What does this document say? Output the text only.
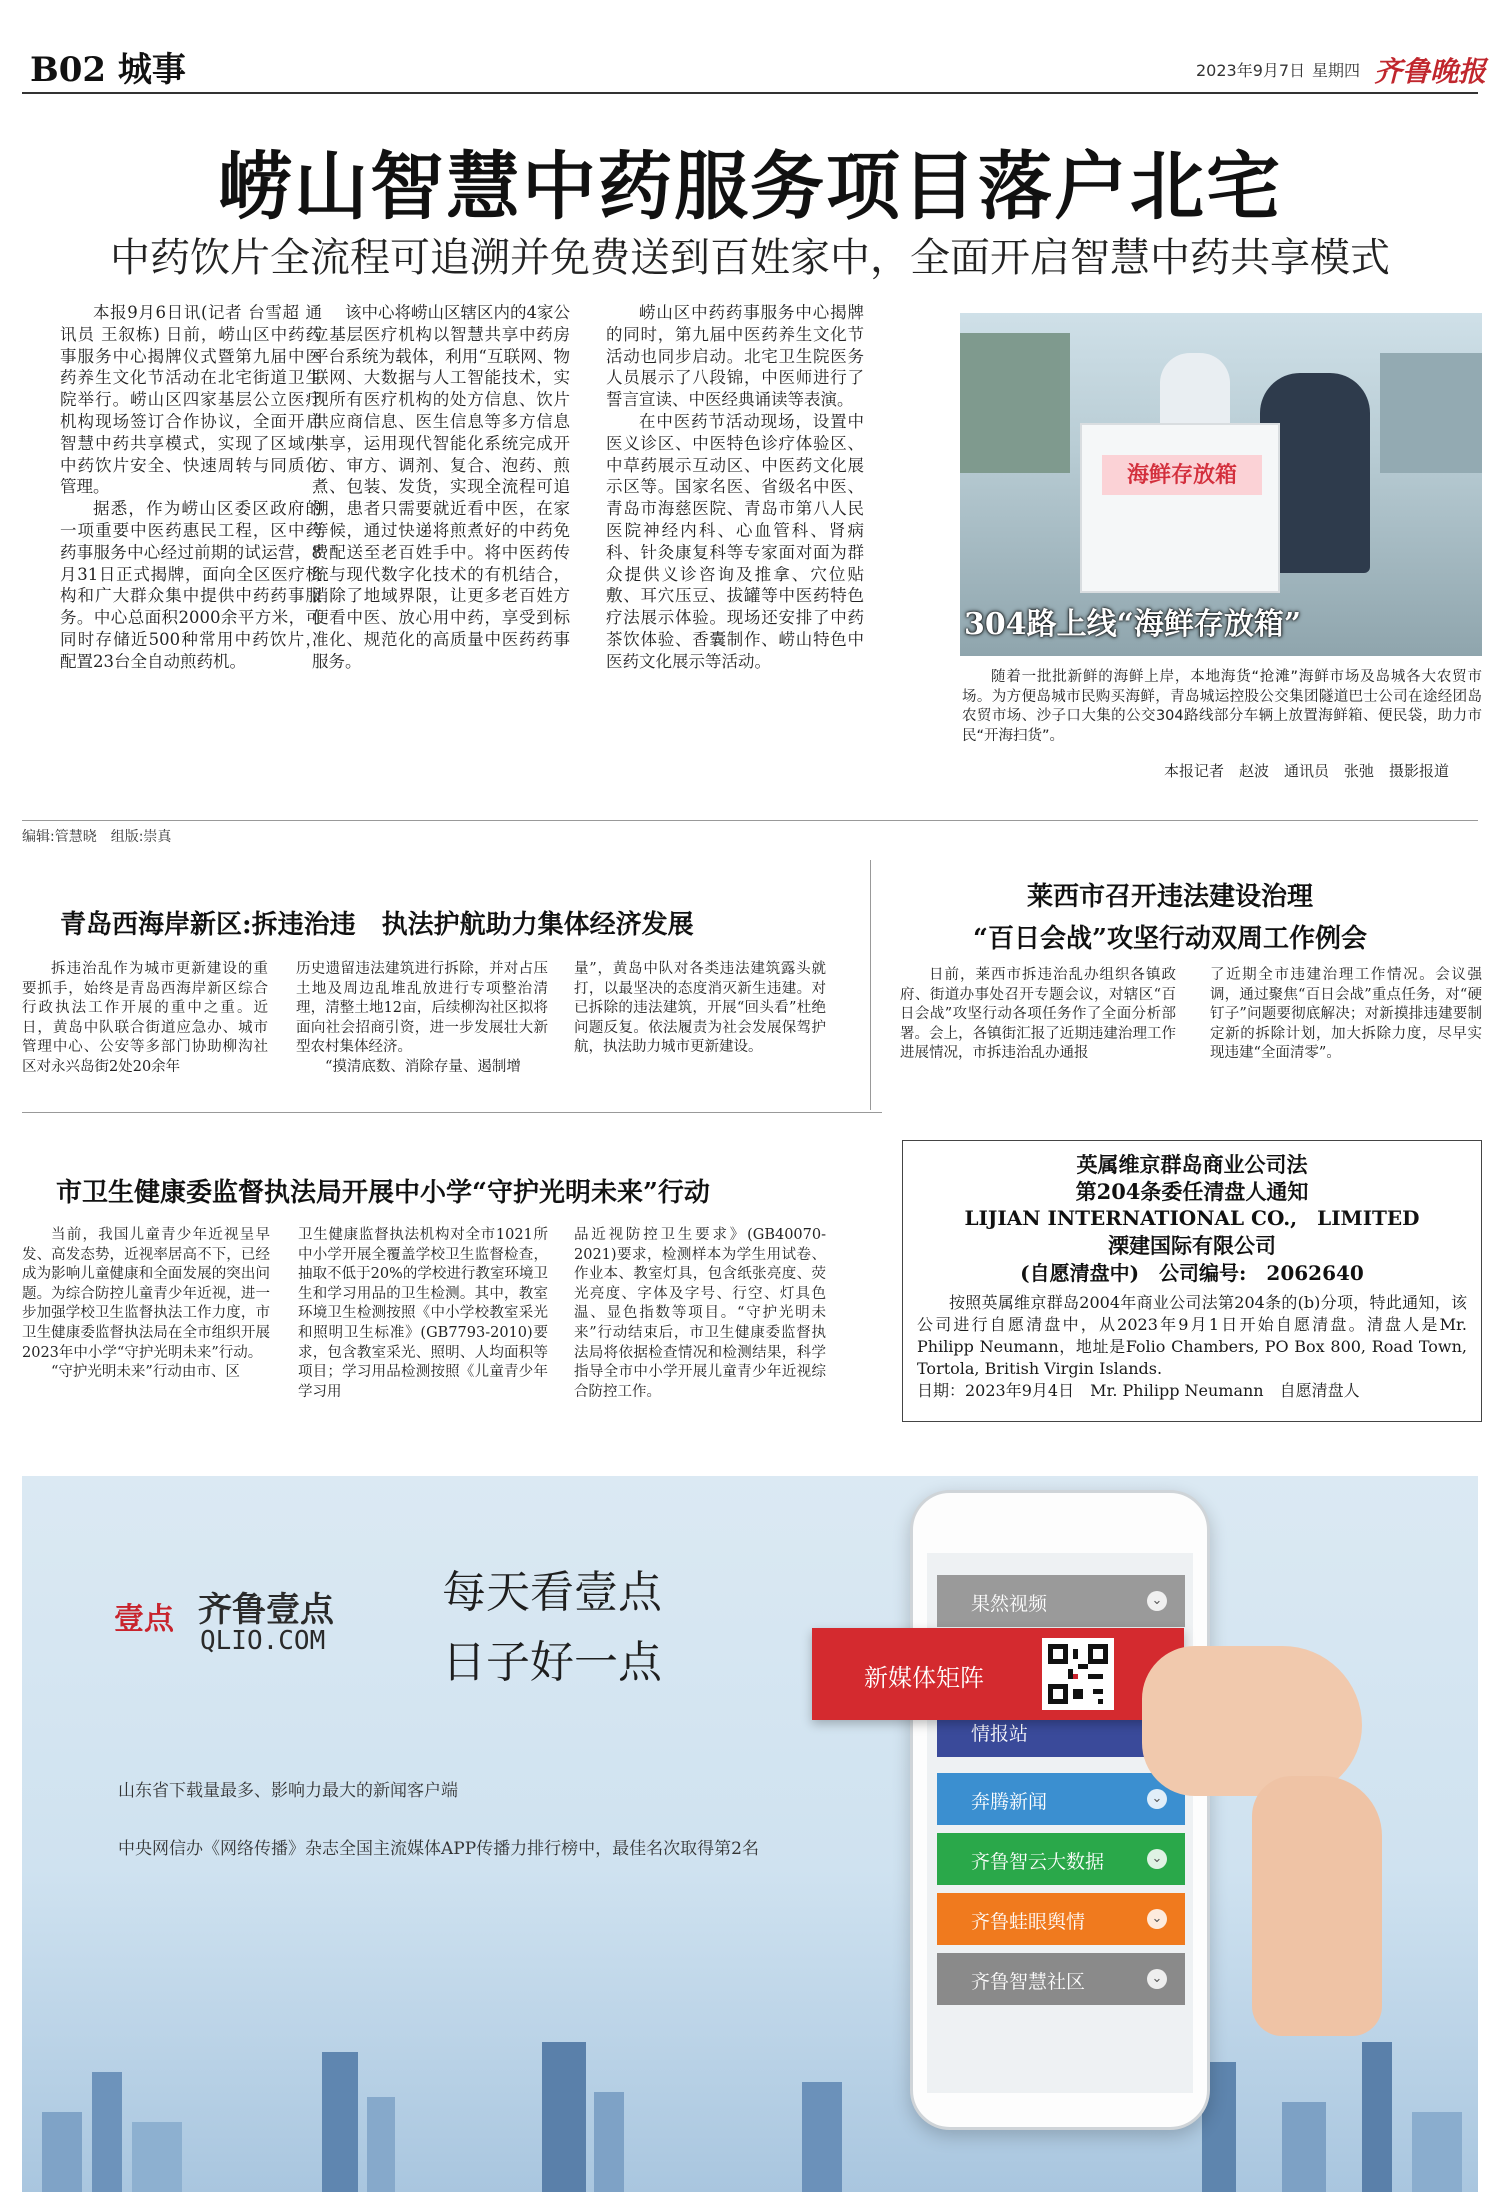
B02 城事	2023年9月7日 星期四 齐鲁晚报
崂山智慧中药服务项目落户北宅
中药饮片全流程可追溯并免费送到百姓家中，全面开启智慧中药共享模式

本报9月6日讯(记者 台雪超 通讯员 王叙栋) 日前，崂山区中药药事服务中心揭牌仪式暨第九届中医药养生文化节活动在北宅街道卫生院举行。崂山区四家基层公立医疗机构现场签订合作协议，全面开启智慧中药共享模式，实现了区域内中药饮片安全、快速周转与同质化管理。

据悉，作为崂山区委区政府的一项重要中医药惠民工程，区中药药事服务中心经过前期的试运营，8月31日正式揭牌，面向全区医疗机构和广大群众集中提供中药药事服务。中心总面积2000余平方米，可同时存储近500种常用中药饮片，配置23台全自动煎药机。

该中心将崂山区辖区内的4家公立基层医疗机构以智慧共享中药房平台系统为载体，利用“互联网、物联网、大数据与人工智能技术，实现所有医疗机构的处方信息、饮片供应商信息、医生信息等多方信息共享，运用现代智能化系统完成开方、审方、调剂、复合、泡药、煎煮、包装、发货，实现全流程可追溯，患者只需要就近看中医，在家等候，通过快递将煎煮好的中药免费配送至老百姓手中。将中医药传统与现代数字化技术的有机结合，消除了地域界限，让更多老百姓方便看中医、放心用中药，享受到标准化、规范化的高质量中医药药事服务。

崂山区中药药事服务中心揭牌的同时，第九届中医药养生文化节活动也同步启动。北宅卫生院医务人员展示了八段锦，中医师进行了誓言宣读、中医经典诵读等表演。

在中医药节活动现场，设置中医义诊区、中医特色诊疗体验区、中草药展示互动区、中医药文化展示区等。国家名医、省级名中医、青岛市海慈医院、青岛市第八人民医院神经内科、心血管科、肾病科、针灸康复科等专家面对面为群众提供义诊咨询及推拿、穴位贴敷、耳穴压豆、拔罐等中医药特色疗法展示体验。现场还安排了中药茶饮体验、香囊制作、崂山特色中医药文化展示等活动。

海鲜存放箱
304路上线“海鲜存放箱”

随着一批批新鲜的海鲜上岸，本地海货“抢滩”海鲜市场及岛城各大农贸市场。为方便岛城市民购买海鲜，青岛城运控股公交集团隧道巴士公司在途经团岛农贸市场、沙子口大集的公交304路线部分车辆上放置海鲜箱、便民袋，助力市民“开海扫货”。

本报记者　赵波　通讯员　张弛　摄影报道
编辑:管慧晓　组版:崇真
青岛西海岸新区:拆违治违　执法护航助力集体经济发展

拆违治乱作为城市更新建设的重要抓手，始终是青岛西海岸新区综合行政执法工作开展的重中之重。近日，黄岛中队联合街道应急办、城市管理中心、公安等多部门协助柳沟社区对永兴岛街2处20余年

历史遗留违法建筑进行拆除，并对占压土地及周边乱堆乱放进行专项整治清理，清整土地12亩，后续柳沟社区拟将面向社会招商引资，进一步发展壮大新型农村集体经济。

“摸清底数、消除存量、遏制增

量”，黄岛中队对各类违法建筑露头就打，以最坚决的态度消灭新生违建。对已拆除的违法建筑，开展“回头看”杜绝问题反复。依法履责为社会发展保驾护航，执法助力城市更新建设。

莱西市召开违法建设治理
“百日会战”攻坚行动双周工作例会

日前，莱西市拆违治乱办组织各镇政府、街道办事处召开专题会议，对辖区“百日会战”攻坚行动各项任务作了全面分析部署。会上，各镇街汇报了近期违建治理工作进展情况，市拆违治乱办通报

了近期全市违建治理工作情况。会议强调，通过聚焦“百日会战”重点任务，对“硬钉子”问题要彻底解决；对新摸排违建要制定新的拆除计划，加大拆除力度，尽早实现违建“全面清零”。

市卫生健康委监督执法局开展中小学“守护光明未来”行动

当前，我国儿童青少年近视呈早发、高发态势，近视率居高不下，已经成为影响儿童健康和全面发展的突出问题。为综合防控儿童青少年近视，进一步加强学校卫生监督执法工作力度，市卫生健康委监督执法局在全市组织开展2023年中小学“守护光明未来”行动。

“守护光明未来”行动由市、区

卫生健康监督执法机构对全市1021所中小学开展全覆盖学校卫生监督检查，抽取不低于20%的学校进行教室环境卫生和学习用品的卫生检测。其中，教室环境卫生检测按照《中小学校教室采光和照明卫生标准》(GB7793-2010)要求，包含教室采光、照明、人均面积等项目；学习用品检测按照《儿童青少年学习用

品近视防控卫生要求》(GB40070-2021)要求，检测样本为学生用试卷、作业本、教室灯具，包含纸张亮度、荧光亮度、字体及字号、行空、灯具色温、显色指数等项目。“守护光明未来”行动结束后，市卫生健康委监督执法局将依据检查情况和检测结果，科学指导全市中小学开展儿童青少年近视综合防控工作。

英属维京群岛商业公司法
第204条委任清盘人通知
LIJIAN INTERNATIONAL CO.,　LIMITED
溧建国际有限公司
(自愿清盘中)　公司编号:　2062640

按照英属维京群岛2004年商业公司法第204条的(b)分项，特此通知，该公司进行自愿清盘中，从2023年9月1日开始自愿清盘。清盘人是Mr. Philipp Neumann，地址是Folio Chambers, PO Box 800, Road Town, Tortola, British Virgin Islands.

日期：2023年9月4日　Mr. Philipp Neumann　自愿清盘人

壹点 齐鲁壹点
QLIO.COM
每天看壹点
日子好一点
山东省下载量最多、影响力最大的新闻客户端
中央网信办《网络传播》杂志全国主流媒体APP传播力排行榜中，最佳名次取得第2名
果然视频	⌄
情报站
奔腾新闻	⌄
齐鲁智云大数据	⌄
齐鲁蛙眼舆情	⌄
齐鲁智慧社区	⌄
新媒体矩阵
